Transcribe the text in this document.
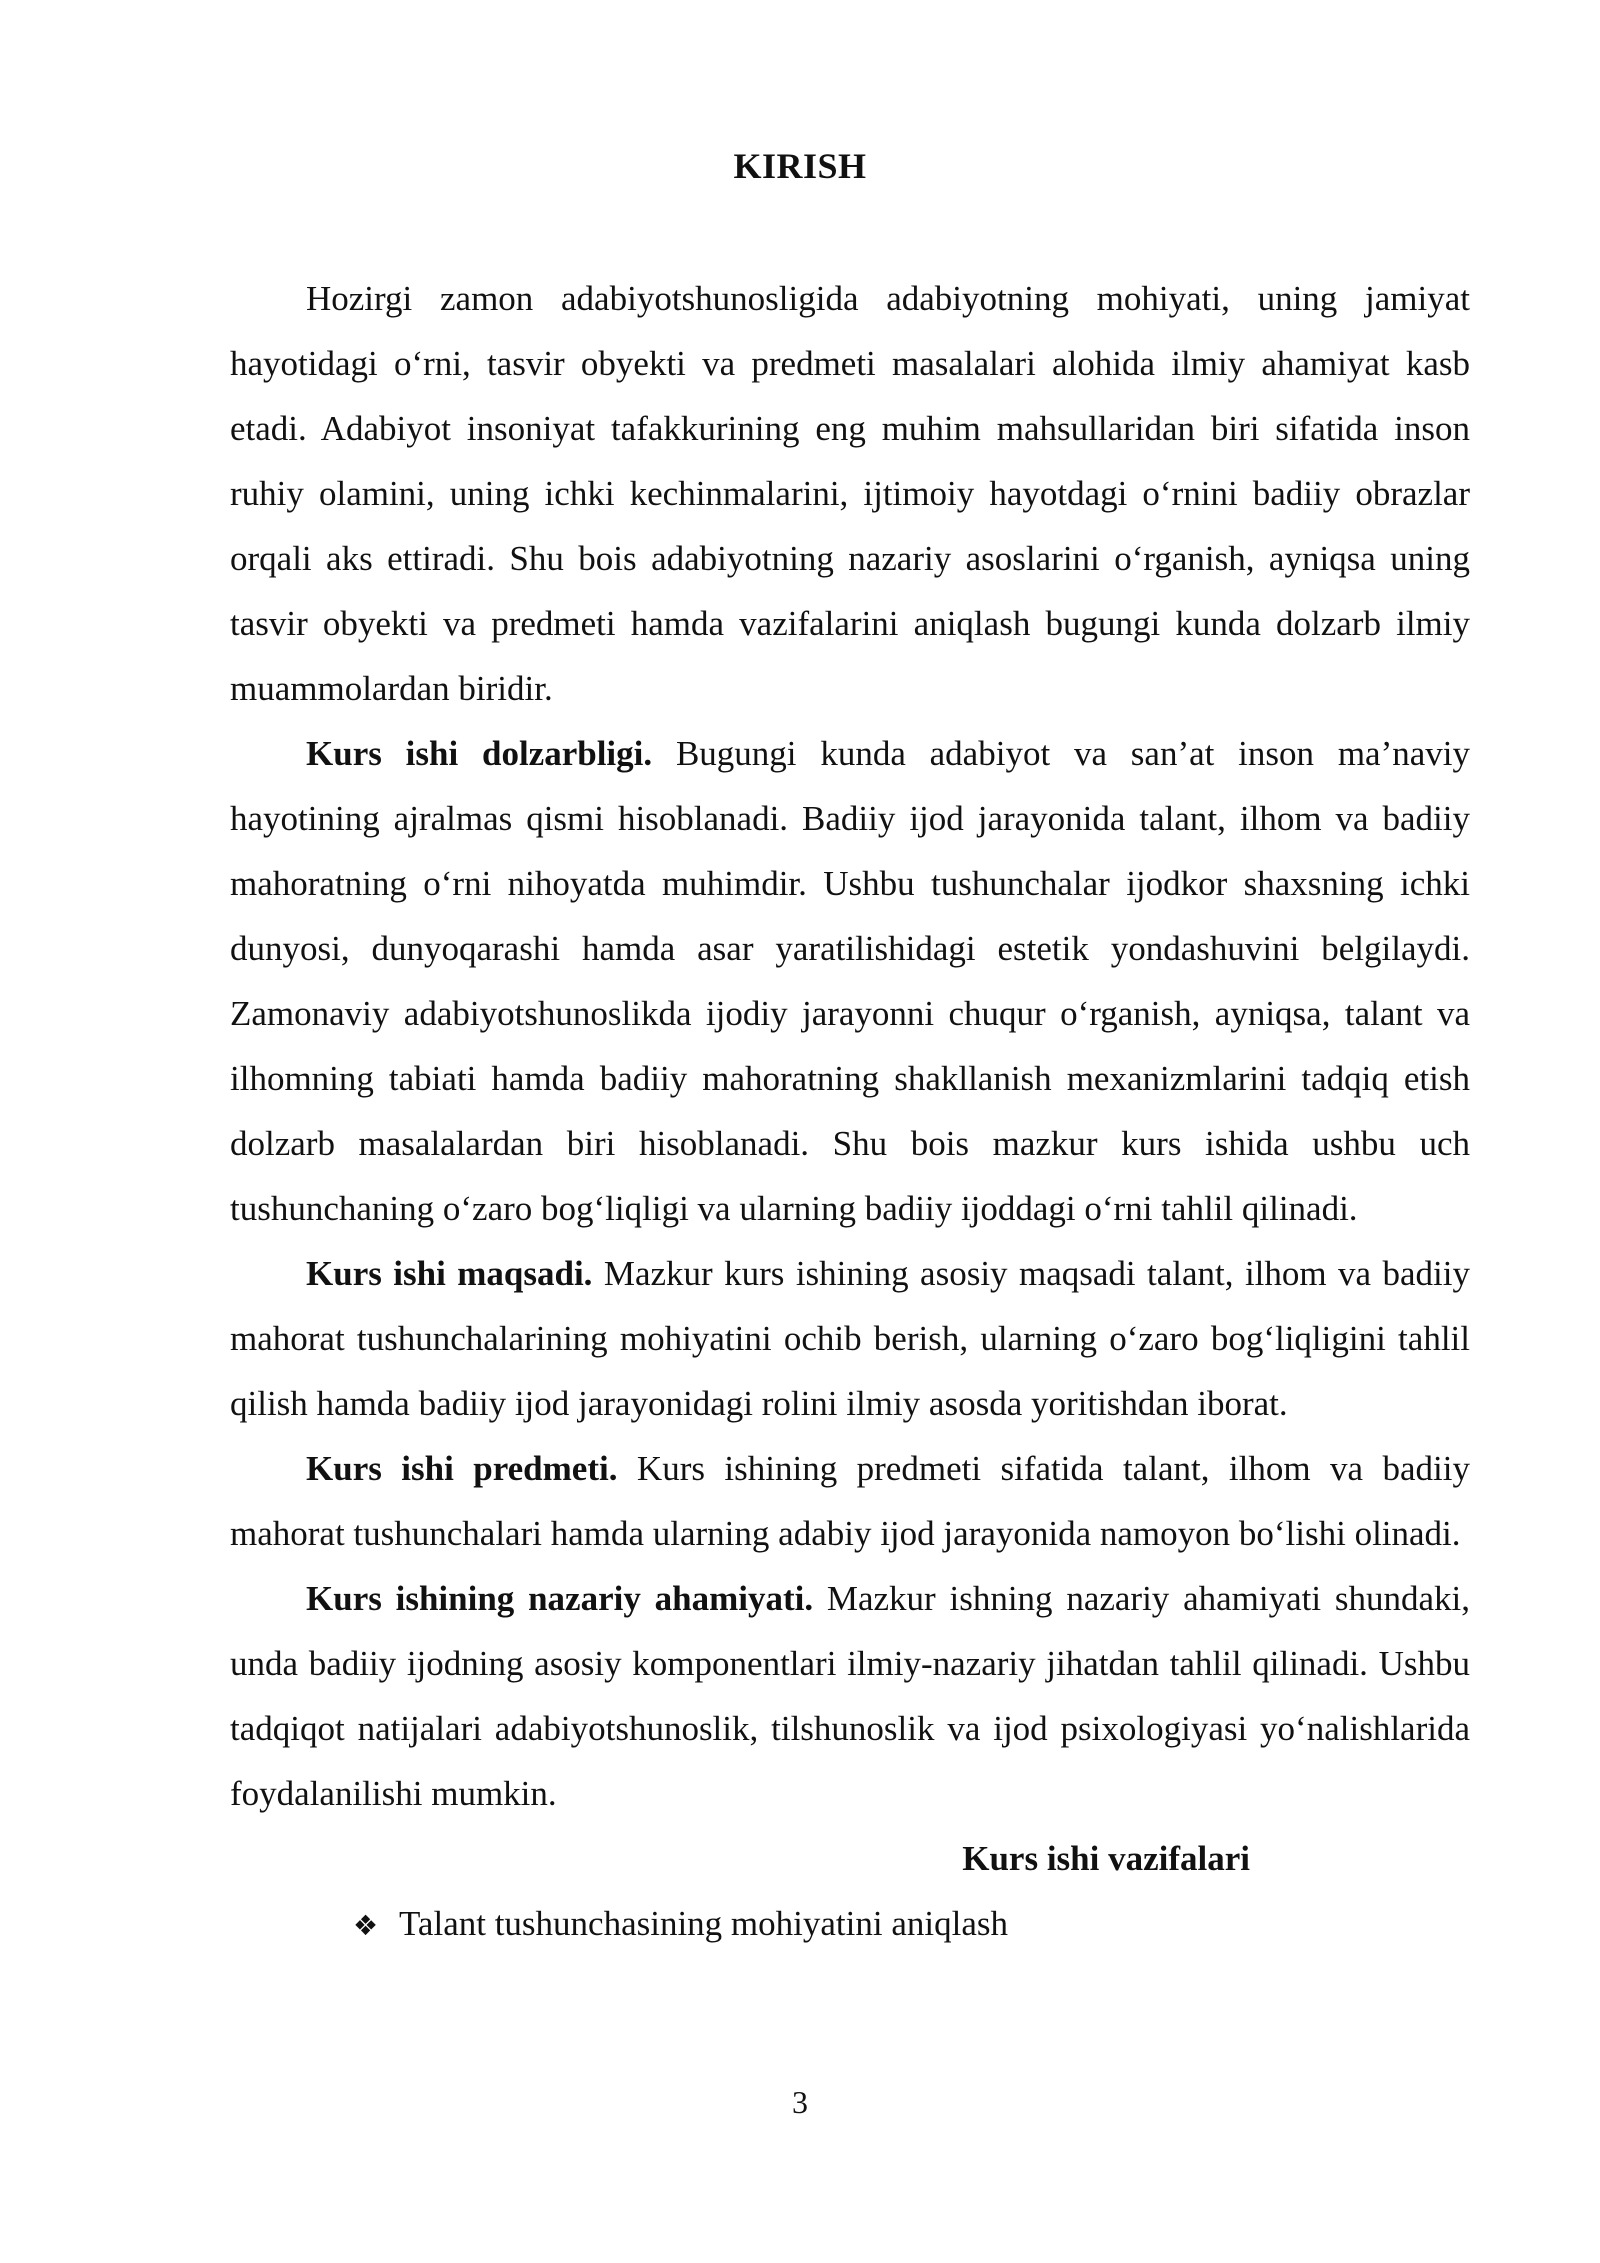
KIRISH

Hozirgi zamon adabiyotshunosligida adabiyotning mohiyati, uning jamiyat hayotidagi o‘rni, tasvir obyekti va predmeti masalalari alohida ilmiy ahamiyat kasb etadi. Adabiyot insoniyat tafakkurining eng muhim mahsullaridan biri sifatida inson ruhiy olamini, uning ichki kechinmalarini, ijtimoiy hayotdagi o‘rnini badiiy obrazlar orqali aks ettiradi. Shu bois adabiyotning nazariy asoslarini o‘rganish, ayniqsa uning tasvir obyekti va predmeti hamda vazifalarini aniqlash bugungi kunda dolzarb ilmiy muammolardan biridir.

Kurs ishi dolzarbligi. Bugungi kunda adabiyot va san’at inson ma’naviy hayotining ajralmas qismi hisoblanadi. Badiiy ijod jarayonida talant, ilhom va badiiy mahoratning o‘rni nihoyatda muhimdir. Ushbu tushunchalar ijodkor shaxsning ichki dunyosi, dunyoqarashi hamda asar yaratilishidagi estetik yondashuvini belgilaydi. Zamonaviy adabiyotshunoslikda ijodiy jarayonni chuqur o‘rganish, ayniqsa, talant va ilhomning tabiati hamda badiiy mahoratning shakllanish mexanizmlarini tadqiq etish dolzarb masalalardan biri hisoblanadi. Shu bois mazkur kurs ishida ushbu uch tushunchaning o‘zaro bog‘liqligi va ularning badiiy ijoddagi o‘rni tahlil qilinadi.

Kurs ishi maqsadi. Mazkur kurs ishining asosiy maqsadi talant, ilhom va badiiy mahorat tushunchalarining mohiyatini ochib berish, ularning o‘zaro bog‘liqligini tahlil qilish hamda badiiy ijod jarayonidagi rolini ilmiy asosda yoritishdan iborat.

Kurs ishi predmeti. Kurs ishining predmeti sifatida talant, ilhom va badiiy mahorat tushunchalari hamda ularning adabiy ijod jarayonida namoyon bo‘lishi olinadi.

Kurs ishining nazariy ahamiyati. Mazkur ishning nazariy ahamiyati shundaki, unda badiiy ijodning asosiy komponentlari ilmiy-nazariy jihatdan tahlil qilinadi. Ushbu tadqiqot natijalari adabiyotshunoslik, tilshunoslik va ijod psixologiyasi yo‘nalishlarida foydalanilishi mumkin.

Kurs ishi vazifalari

❖ Talant tushunchasining mohiyatini aniqlash

3
